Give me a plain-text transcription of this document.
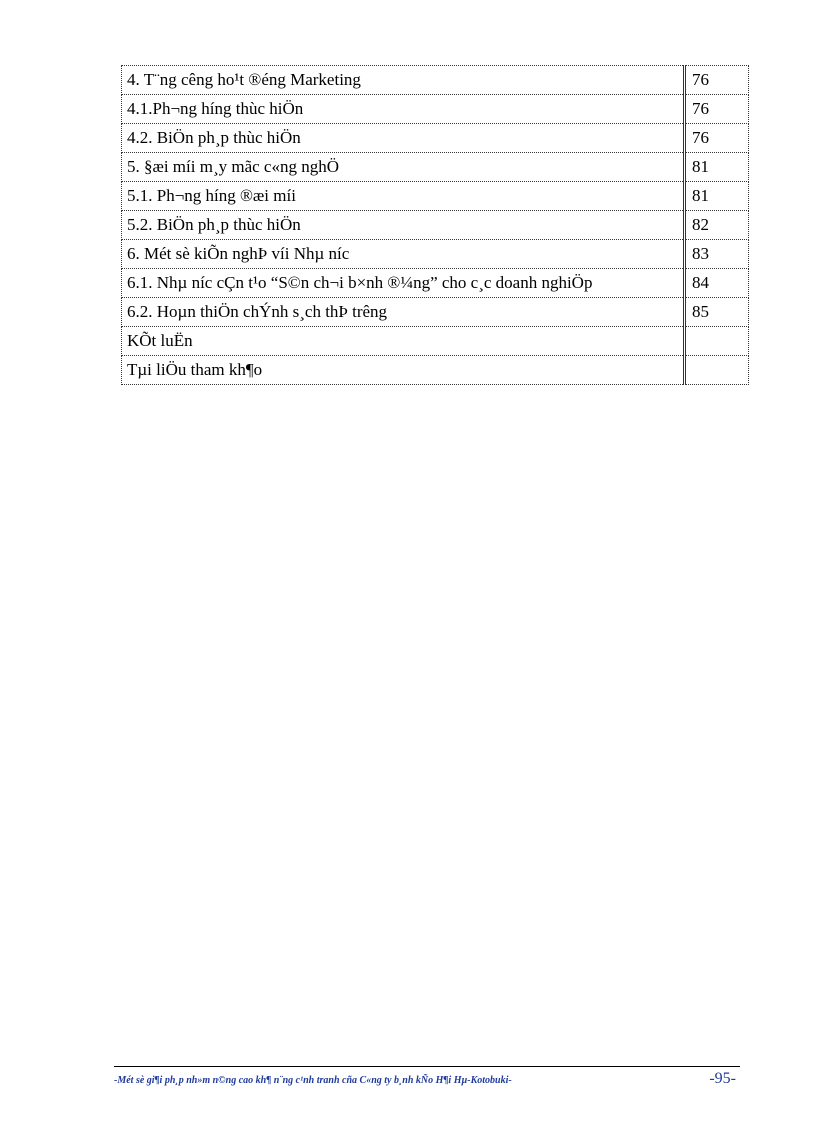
4. T¨ng cêng ho¹t ®éng Marketing	76
4.1.Ph¬ng híng thùc hiÖn	76
4.2. BiÖn ph¸p thùc hiÖn	76
5. §æi míi m¸y mãc c«ng nghÖ	81
5.1. Ph¬ng híng ®æi míi	81
5.2. BiÖn ph¸p thùc hiÖn	82
6. Mét sè kiÕn nghÞ víi Nhµ níc	83
6.1. Nhµ níc cÇn t¹o “S©n ch¬i b×nh ®¼ng” cho c¸c doanh nghiÖp	84
6.2. Hoµn thiÖn chÝnh s¸ch thÞ trêng	85
KÕt luËn	
Tµi liÖu tham kh¶o	
-Mét sè gi¶i ph¸p nh»m n©ng cao kh¶ n¨ng c¹nh tranh cña C«ng ty b¸nh kÑo H¶i Hµ-Kotobuki-	-95-
